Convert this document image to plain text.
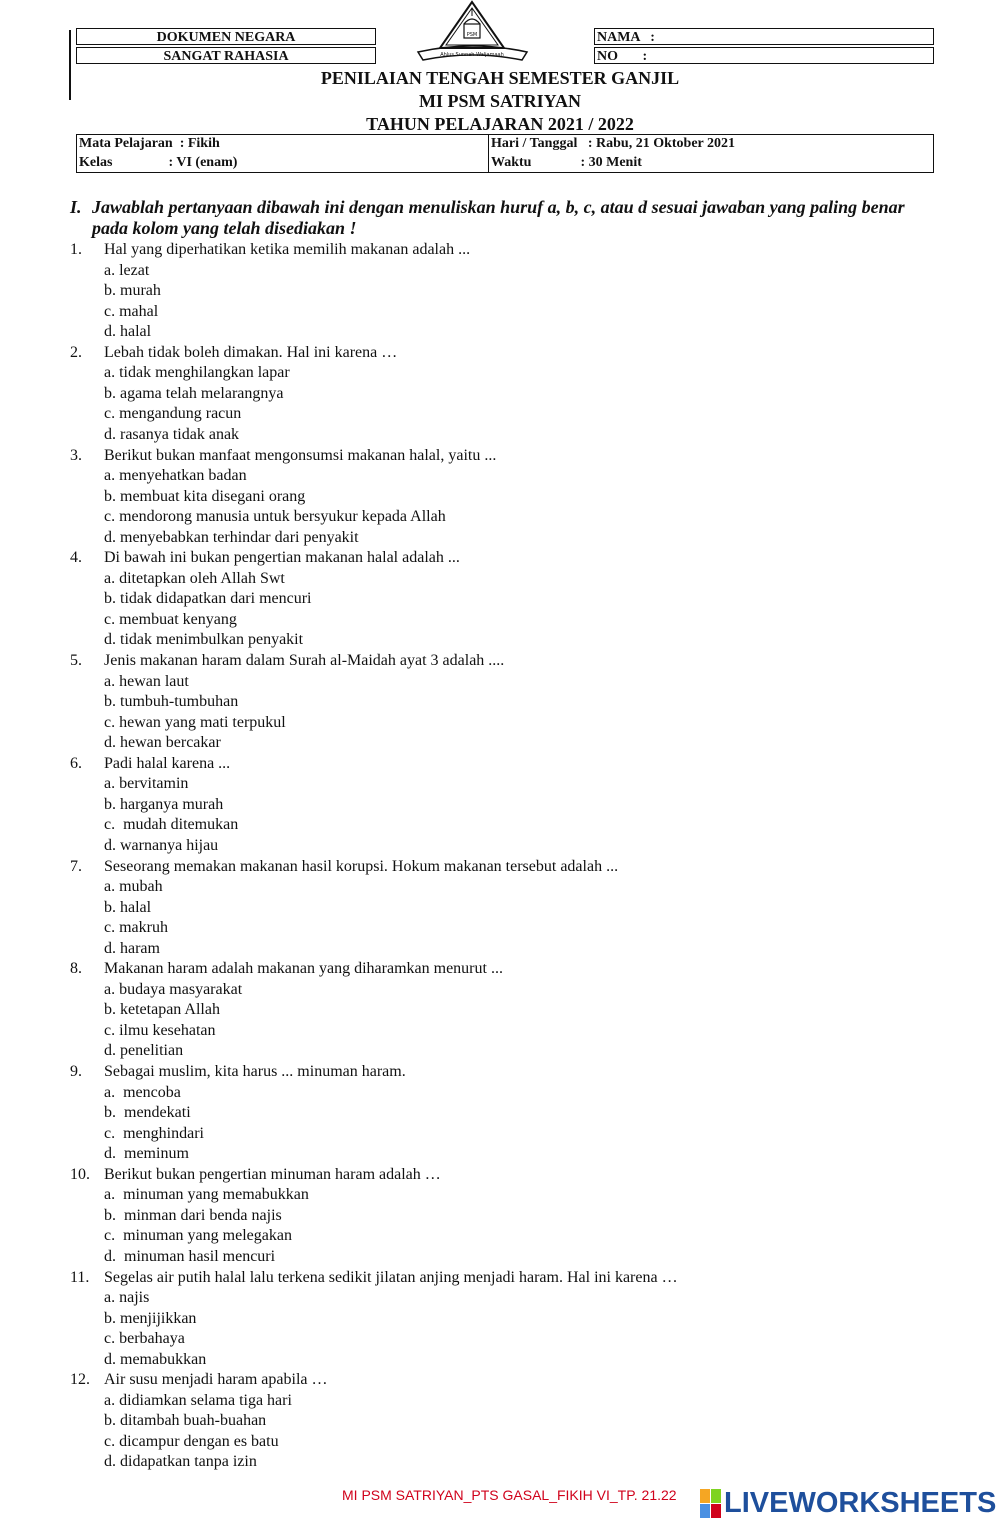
DOKUMEN NEGARA
SANGAT RAHASIA
NAMA   :
NO       :
Ahlus Sunnah Waljamaah
PSM
PENILAIAN TENGAH SEMESTER GANJIL
MI PSM SATRIYAN
TAHUN PELAJARAN 2021 / 2022
Mata Pelajaran  : Fikih
Kelas                : VI (enam)
Hari / Tanggal   : Rabu, 21 Oktober 2021
Waktu              : 30 Menit
I. Jawablah pertanyaan dibawah ini dengan menuliskan huruf a, b, c, atau d sesuai jawaban yang paling benar pada kolom yang telah disediakan !
1. Hal yang diperhatikan ketika memilih makanan adalah ...
a. lezat
b. murah
c. mahal
d. halal
2. Lebah tidak boleh dimakan. Hal ini karena …
a. tidak menghilangkan lapar
b. agama telah melarangnya
c. mengandung racun
d. rasanya tidak anak
3. Berikut bukan manfaat mengonsumsi makanan halal, yaitu ...
a. menyehatkan badan
b. membuat kita disegani orang
c. mendorong manusia untuk bersyukur kepada Allah
d. menyebabkan terhindar dari penyakit
4. Di bawah ini bukan pengertian makanan halal adalah ...
a. ditetapkan oleh Allah Swt
b. tidak didapatkan dari mencuri
c. membuat kenyang
d. tidak menimbulkan penyakit
5. Jenis makanan haram dalam Surah al-Maidah ayat 3 adalah ....
a. hewan laut
b. tumbuh-tumbuhan
c. hewan yang mati terpukul
d. hewan bercakar
6. Padi halal karena ...
a. bervitamin
b. harganya murah
c.  mudah ditemukan
d. warnanya hijau
7. Seseorang memakan makanan hasil korupsi. Hokum makanan tersebut adalah ...
a. mubah
b. halal
c. makruh
d. haram
8. Makanan haram adalah makanan yang diharamkan menurut ...
a. budaya masyarakat
b. ketetapan Allah
c. ilmu kesehatan
d. penelitian
9. Sebagai muslim, kita harus ... minuman haram.
a.  mencoba
b.  mendekati
c.  menghindari
d.  meminum
10. Berikut bukan pengertian minuman haram adalah …
a.  minuman yang memabukkan
b.  minman dari benda najis
c.  minuman yang melegakan
d.  minuman hasil mencuri
11. Segelas air putih halal lalu terkena sedikit jilatan anjing menjadi haram. Hal ini karena …
a. najis
b. menjijikkan
c. berbahaya
d. memabukkan
12. Air susu menjadi haram apabila …
a. didiamkan selama tiga hari
b. ditambah buah-buahan
c. dicampur dengan es batu
d. didapatkan tanpa izin
MI PSM SATRIYAN_PTS GASAL_FIKIH VI_TP. 21.22 LIVEWORKSHEETS
